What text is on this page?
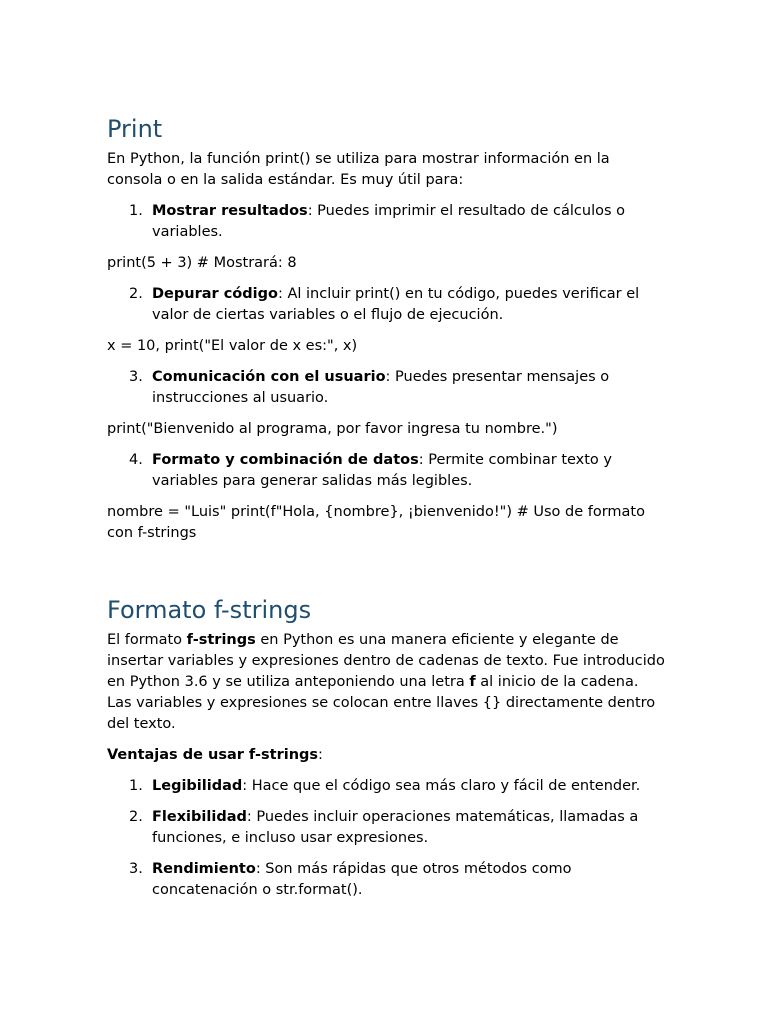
Print

En Python, la función print() se utiliza para mostrar información en la consola o en la salida estándar. Es muy útil para:

1. Mostrar resultados: Puedes imprimir el resultado de cálculos o variables.

print(5 + 3) # Mostrará: 8

2. Depurar código: Al incluir print() en tu código, puedes verificar el valor de ciertas variables o el flujo de ejecución.

x = 10, print("El valor de x es:", x)

3. Comunicación con el usuario: Puedes presentar mensajes o instrucciones al usuario.

print("Bienvenido al programa, por favor ingresa tu nombre.")

4. Formato y combinación de datos: Permite combinar texto y variables para generar salidas más legibles.

nombre = "Luis" print(f"Hola, {nombre}, ¡bienvenido!") # Uso de formato con f-strings

Formato f-strings

El formato f-strings en Python es una manera eficiente y elegante de insertar variables y expresiones dentro de cadenas de texto. Fue introducido en Python 3.6 y se utiliza anteponiendo una letra f al inicio de la cadena. Las variables y expresiones se colocan entre llaves {} directamente dentro del texto.

Ventajas de usar f-strings:

1. Legibilidad: Hace que el código sea más claro y fácil de entender.
2. Flexibilidad: Puedes incluir operaciones matemáticas, llamadas a funciones, e incluso usar expresiones.
3. Rendimiento: Son más rápidas que otros métodos como concatenación o str.format().
